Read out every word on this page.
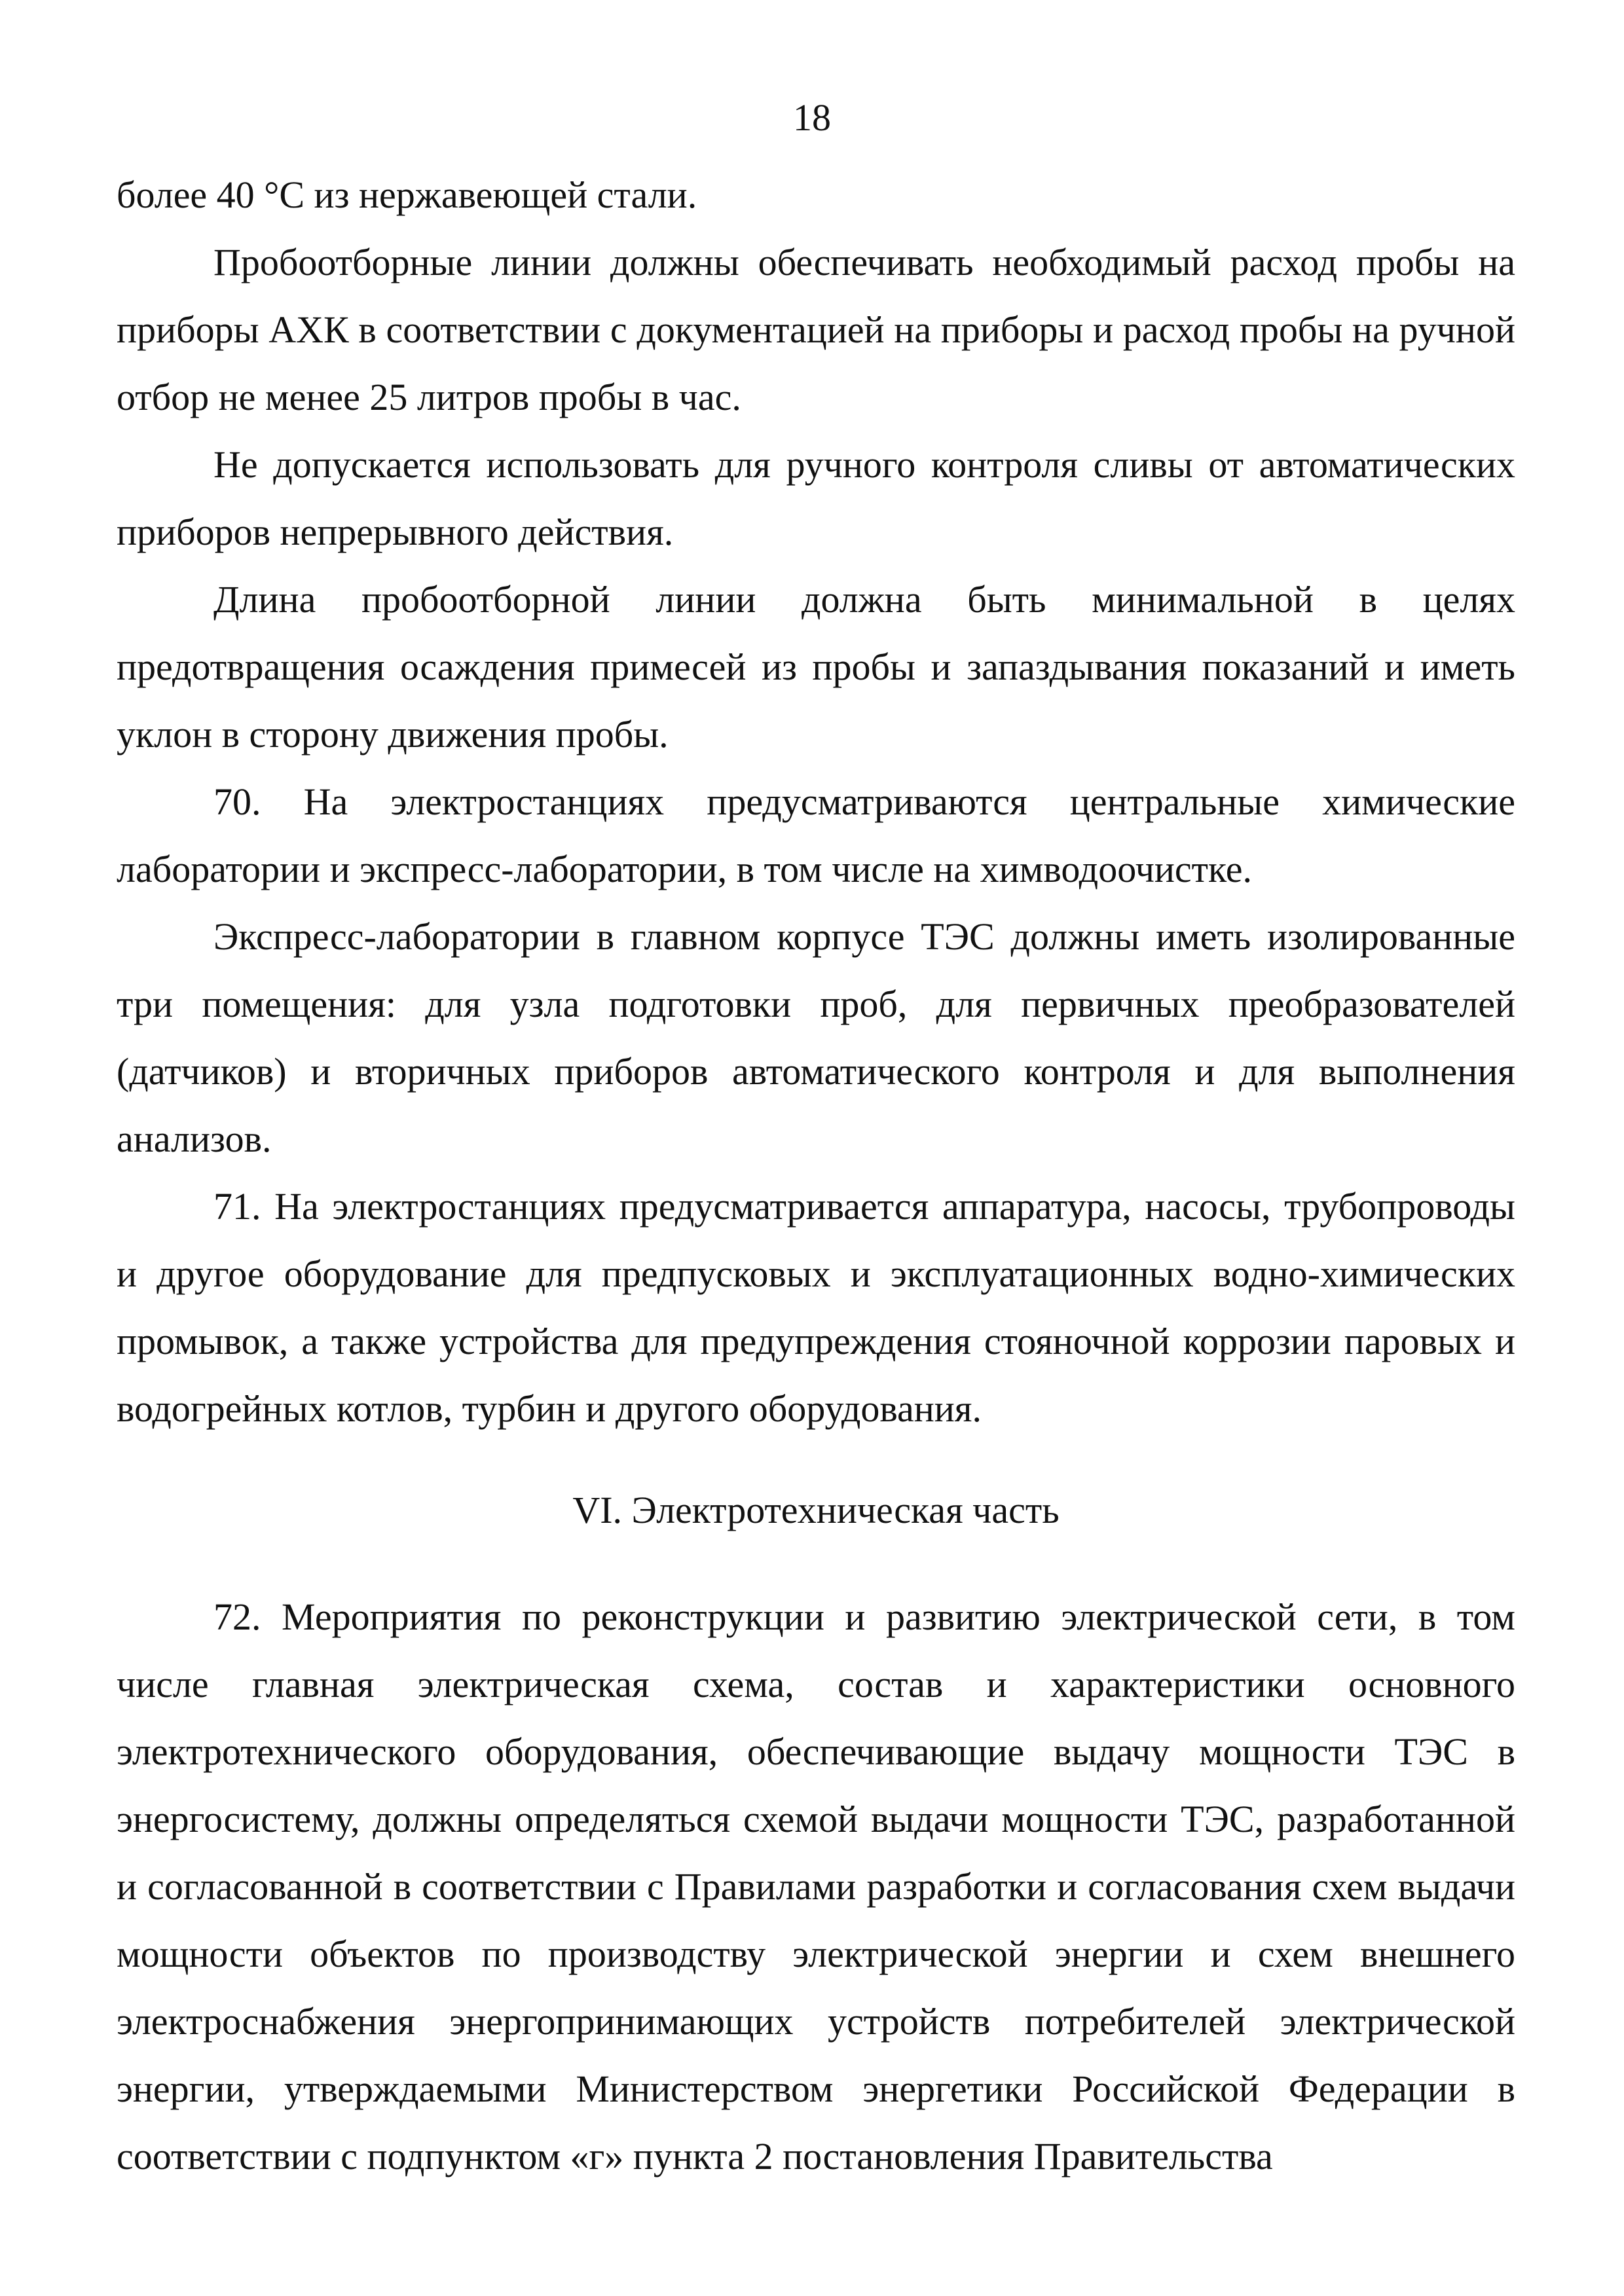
18

более 40 °C из нержавеющей стали.

Пробоотборные линии должны обеспечивать необходимый расход пробы на приборы АХК в соответствии с документацией на приборы и расход пробы на ручной отбор не менее 25 литров пробы в час.

Не допускается использовать для ручного контроля сливы от автоматических приборов непрерывного действия.

Длина пробоотборной линии должна быть минимальной в целях предотвращения осаждения примесей из пробы и запаздывания показаний и иметь уклон в сторону движения пробы.

70. На электростанциях предусматриваются центральные химические лаборатории и экспресс-лаборатории, в том числе на химводоочистке.

Экспресс-лаборатории в главном корпусе ТЭС должны иметь изолированные три помещения: для узла подготовки проб, для первичных преобразователей (датчиков) и вторичных приборов автоматического контроля и для выполнения анализов.

71. На электростанциях предусматривается аппаратура, насосы, трубопроводы и другое оборудование для предпусковых и эксплуатационных водно-химических промывок, а также устройства для предупреждения стояночной коррозии паровых и водогрейных котлов, турбин и другого оборудования.

VI. Электротехническая часть

72. Мероприятия по реконструкции и развитию электрической сети, в том числе главная электрическая схема, состав и характеристики основного электротехнического оборудования, обеспечивающие выдачу мощности ТЭС в энергосистему, должны определяться схемой выдачи мощности ТЭС, разработанной и согласованной в соответствии с Правилами разработки и согласования схем выдачи мощности объектов по производству электрической энергии и схем внешнего электроснабжения энергопринимающих устройств потребителей электрической энергии, утверждаемыми Министерством энергетики Российской Федерации в соответствии с подпунктом «г» пункта 2 постановления Правительства
